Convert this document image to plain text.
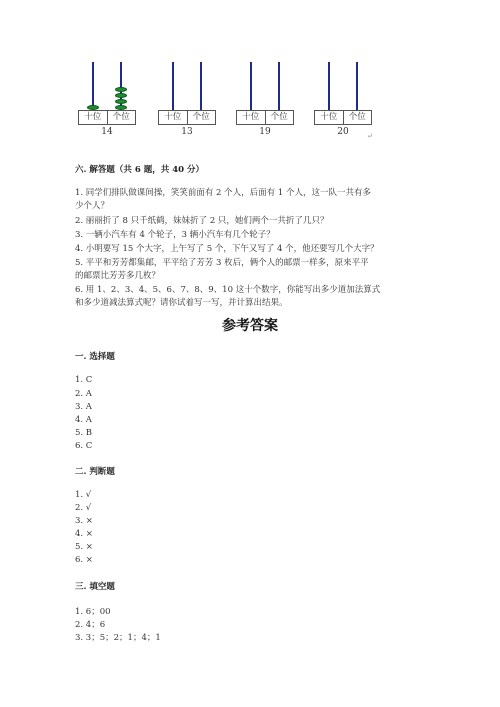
十位	个位
14
十位	个位
13
十位	个位
19
十位	个位
20	↵
六. 解答题（共 6 题，共 40 分）
1. 同学们排队做课间操，笑笑前面有 2 个人，后面有 1 个人，这一队一共有多
少个人？
2. 丽丽折了 8 只千纸鹤，妹妹折了 2 只，她们两个一共折了几只？
3. 一辆小汽车有 4 个轮子，3 辆小汽车有几个轮子？
4. 小明要写 15 个大字，上午写了 5 个，下午又写了 4 个，他还要写几个大字？
5. 平平和芳芳都集邮，平平给了芳芳 3 枚后，俩个人的邮票一样多，原来平平
的邮票比芳芳多几枚？
6. 用 1、2、3、4、5、6、7、8、9、10 这十个数字，你能写出多少道加法算式
和多少道减法算式呢？请你试着写一写，并计算出结果。
参考答案
一. 选择题
1. C
2. A
3. A
4. A
5. B
6. C
二. 判断题
1. √
2. √
3. ×
4. ×
5. ×
6. ×
三. 填空题
1. 6；00
2. 4；6
3. 3；5；2；1；4；1
